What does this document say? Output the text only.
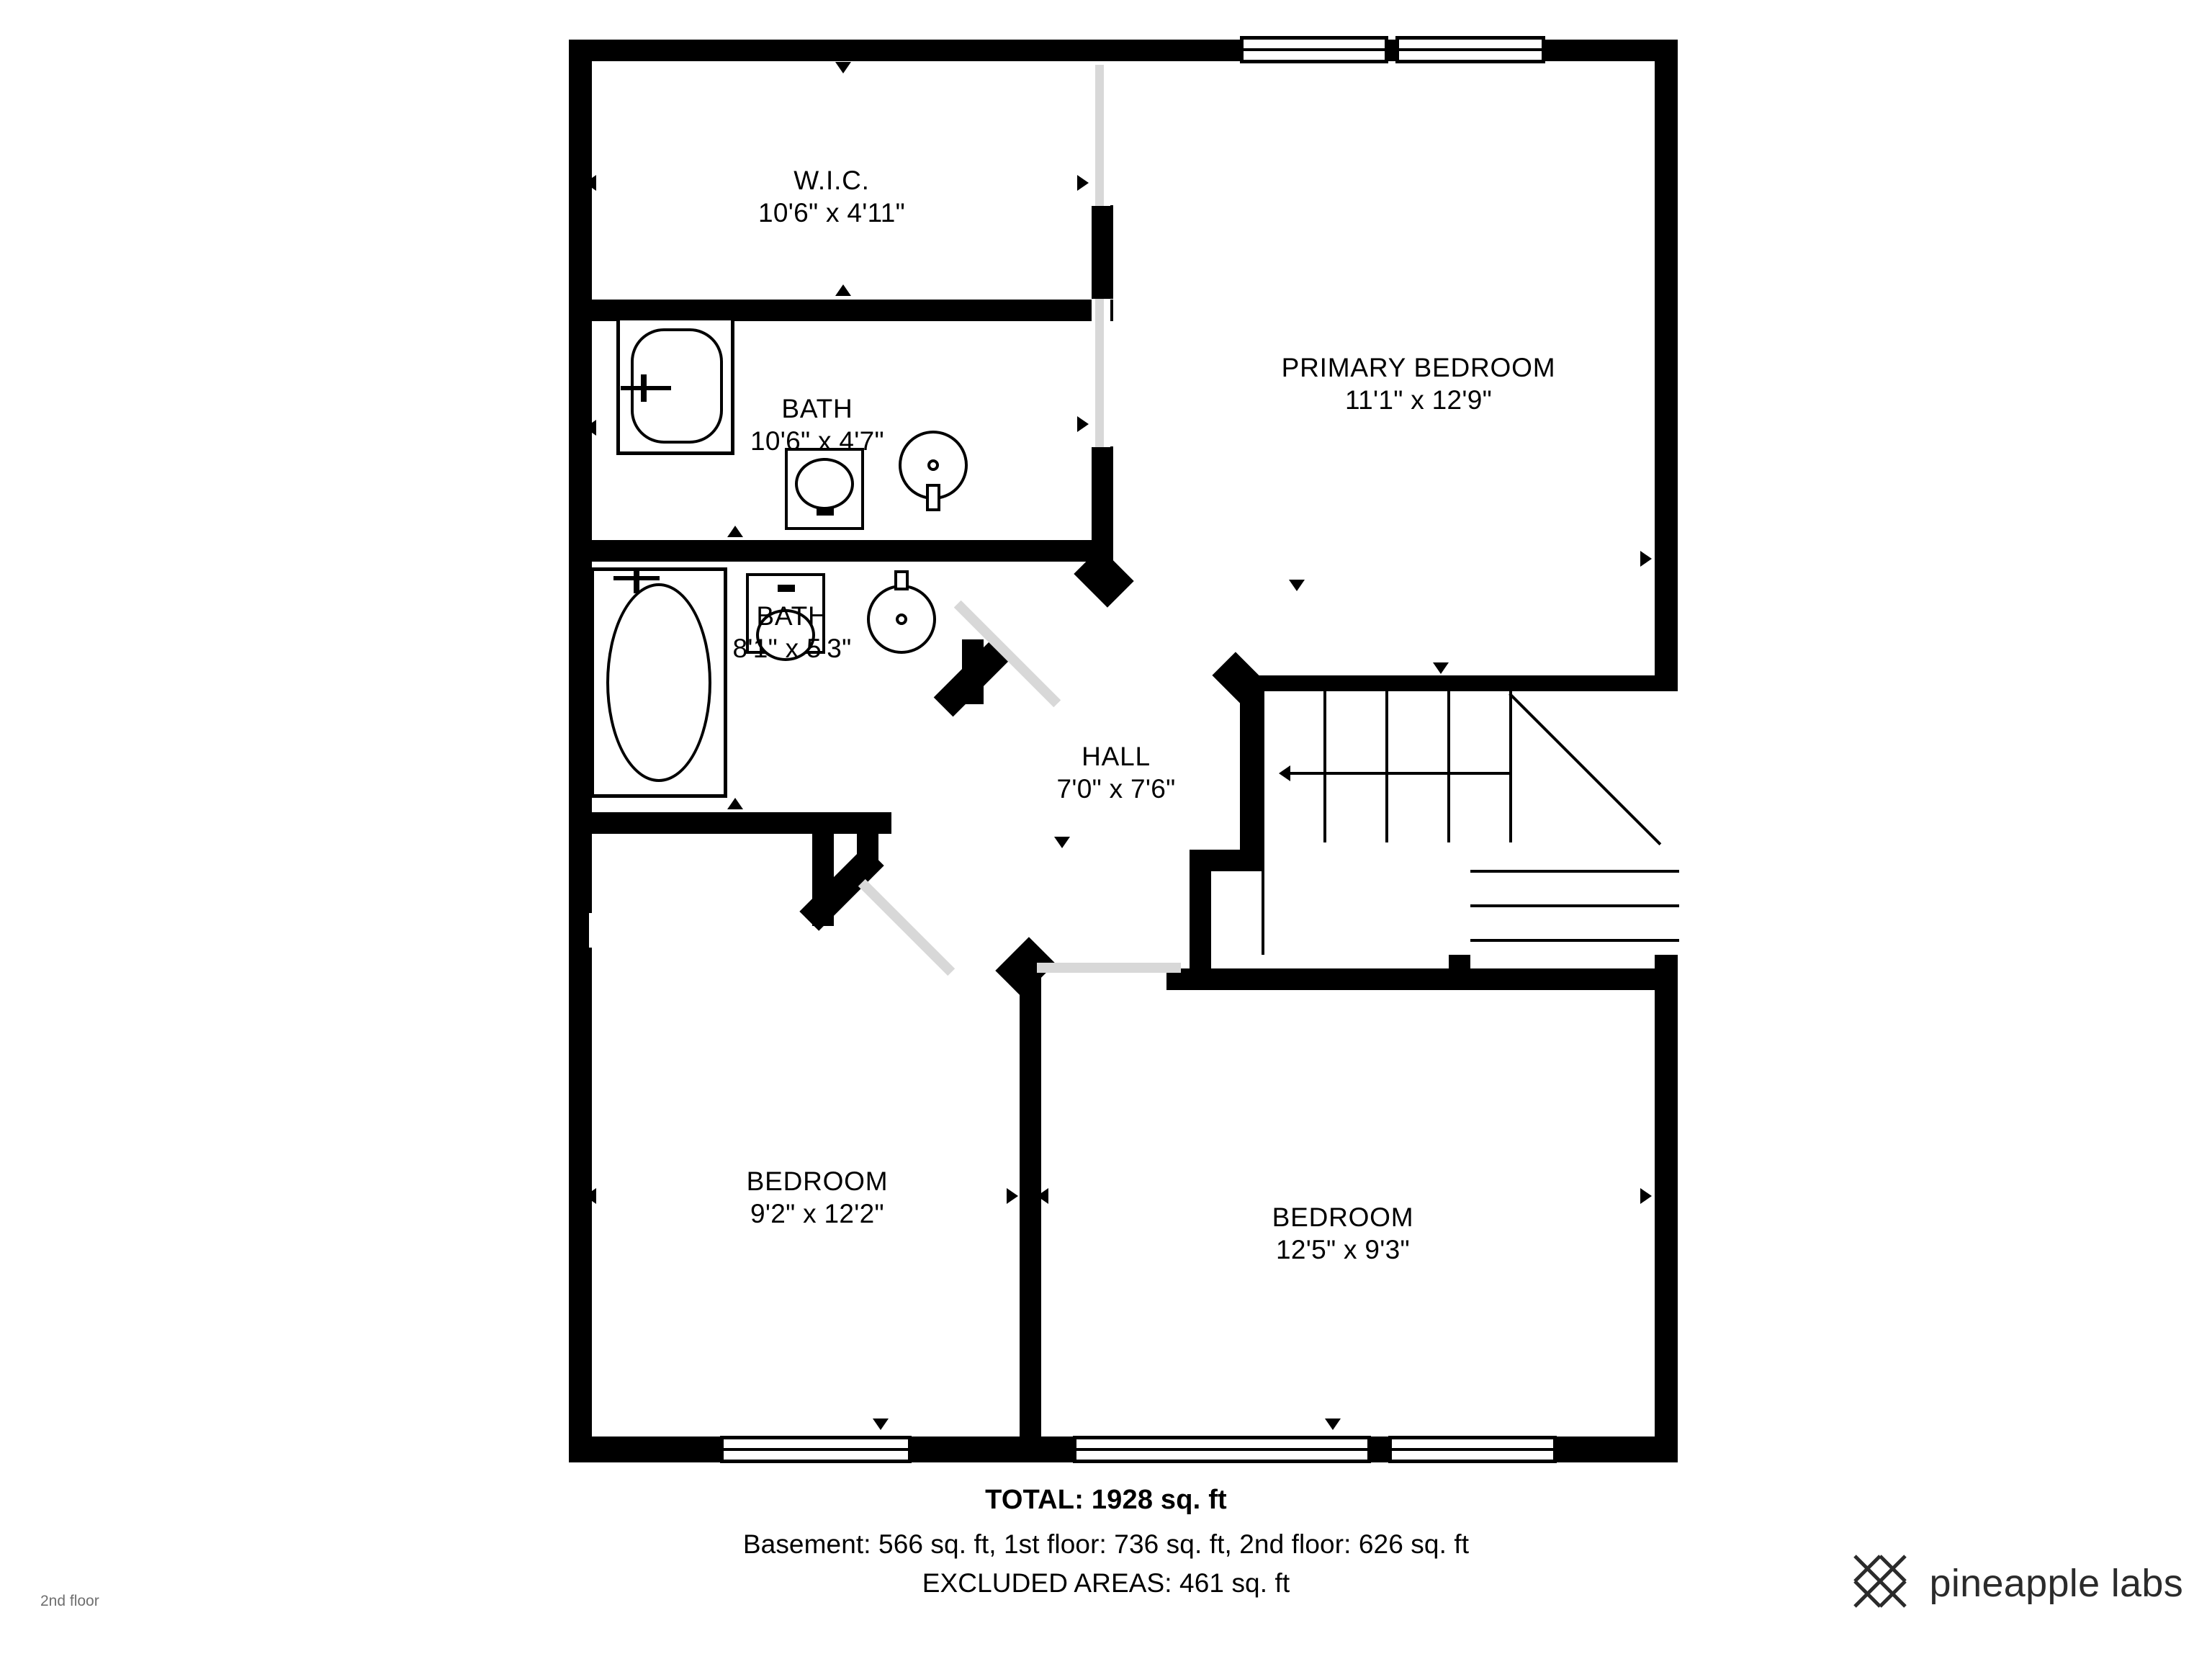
W.I.C.
10'6" x 4'11"
BATH
10'6" x 4'7"
BATH
8'1" x 5'3"
PRIMARY BEDROOM
11'1" x 12'9"
HALL
7'0" x 7'6"
BEDROOM
9'2" x 12'2"	BEDROOM
12'5" x 9'3"
TOTAL: 1928 sq. ft
Basement: 566 sq. ft, 1st floor: 736 sq. ft, 2nd floor: 626 sq. ft
EXCLUDED AREAS: 461 sq. ft
2nd floor	pineapple labs
